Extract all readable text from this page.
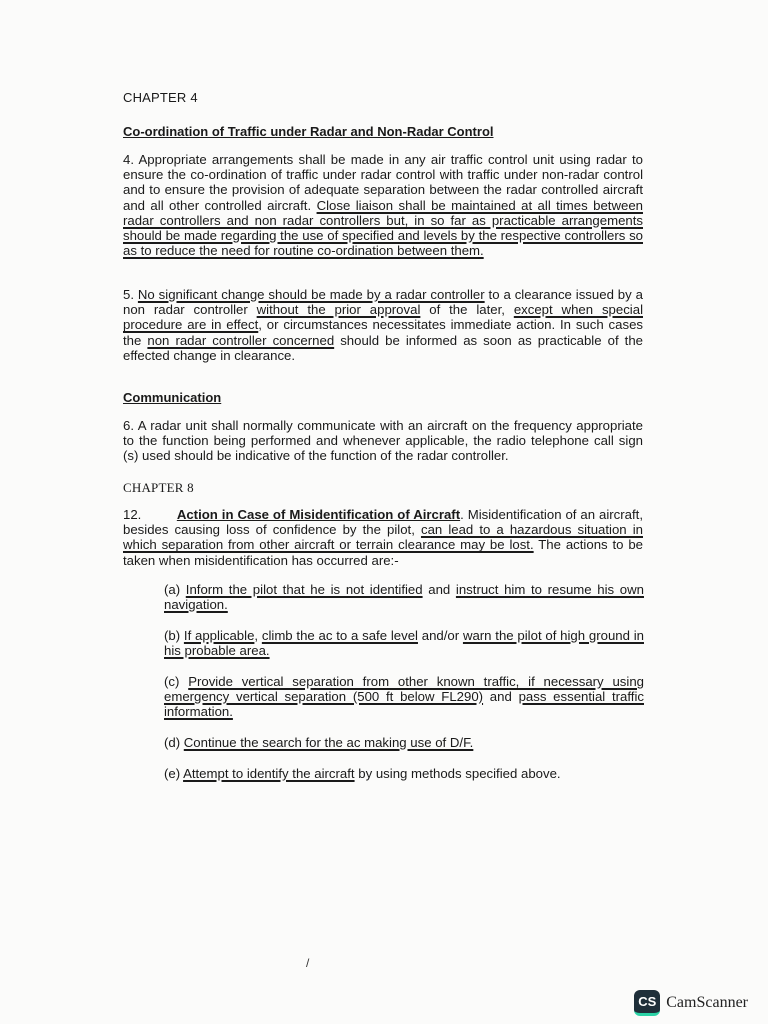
CHAPTER 4
Co-ordination of Traffic under Radar and Non-Radar Control

4. Appropriate arrangements shall be made in any air traffic control unit using radar to ensure the co-ordination of traffic under radar control with traffic under non-radar control and to ensure the provision of adequate separation between the radar controlled aircraft and all other controlled aircraft. Close liaison shall be maintained at all times between radar controllers and non radar controllers but, in so far as practicable arrangements should be made regarding the use of specified and levels by the respective controllers so as to reduce the need for routine co-ordination between them.

5. No significant change should be made by a radar controller to a clearance issued by a non radar controller without the prior approval of the later, except when special procedure are in effect, or circumstances necessitates immediate action. In such cases the non radar controller concerned should be informed as soon as practicable of the effected change in clearance.

Communication

6. A radar unit shall normally communicate with an aircraft on the frequency appropriate to the function being performed and whenever applicable, the radio telephone call sign (s) used should be indicative of the function of the radar controller.

CHAPTER 8

12.	Action in Case of Misidentification of Aircraft. Misidentification of an aircraft, besides causing loss of confidence by the pilot, can lead to a hazardous situation in which separation from other aircraft or terrain clearance may be lost. The actions to be taken when misidentification has occurred are:-

(a) Inform the pilot that he is not identified and instruct him to resume his own navigation.

(b) If applicable, climb the ac to a safe level and/or warn the pilot of high ground in his probable area.

(c) Provide vertical separation from other known traffic, if necessary using emergency vertical separation (500 ft below FL290) and pass essential traffic information.

(d) Continue the search for the ac making use of D/F.

(e) Attempt to identify the aircraft by using methods specified above.

/
CS CamScanner
